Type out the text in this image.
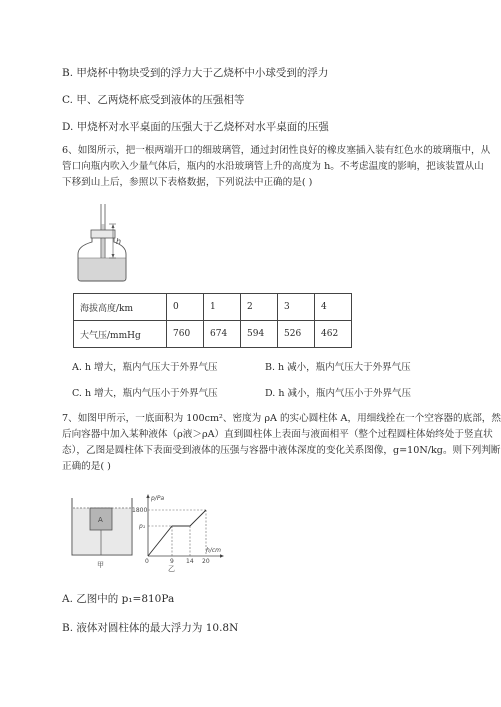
B. 甲烧杯中物块受到的浮力大于乙烧杯中小球受到的浮力
C. 甲、乙两烧杯底受到液体的压强相等
D. 甲烧杯对水平桌面的压强大于乙烧杯对水平桌面的压强
6、如图所示，把一根两端开口的细玻璃管，通过封闭性良好的橡皮塞插入装有红色水的玻璃瓶中，从
管口向瓶内吹入少量气体后，瓶内的水沿玻璃管上升的高度为 h。不考虑温度的影响，把该装置从山
下移到山上后，参照以下表格数据，下列说法中正确的是( )
h
海拔高度/km	0	1	2	3	4
大气压/mmHg	760	674	594	526	462
A. h 增大，瓶内气压大于外界气压	B. h 减小，瓶内气压大于外界气压
C. h 增大，瓶内气压小于外界气压	D. h 减小，瓶内气压小于外界气压
7、如图甲所示，一底面积为 100cm²、密度为 ρA 的实心圆柱体 A，用细线拴在一个空容器的底部，然
后向容器中加入某种液体（ρ液＞ρA）直到圆柱体上表面与液面相平（整个过程圆柱体始终处于竖直状
态），乙图是圆柱体下表面受到液体的压强与容器中液体深度的变化关系图像，g=10N/kg。则下列判断
正确的是( )
A
甲
p/Pa
h/cm
1800
p₁
0	9 14 20
乙
A. 乙图中的 p₁=810Pa
B. 液体对圆柱体的最大浮力为 10.8N
